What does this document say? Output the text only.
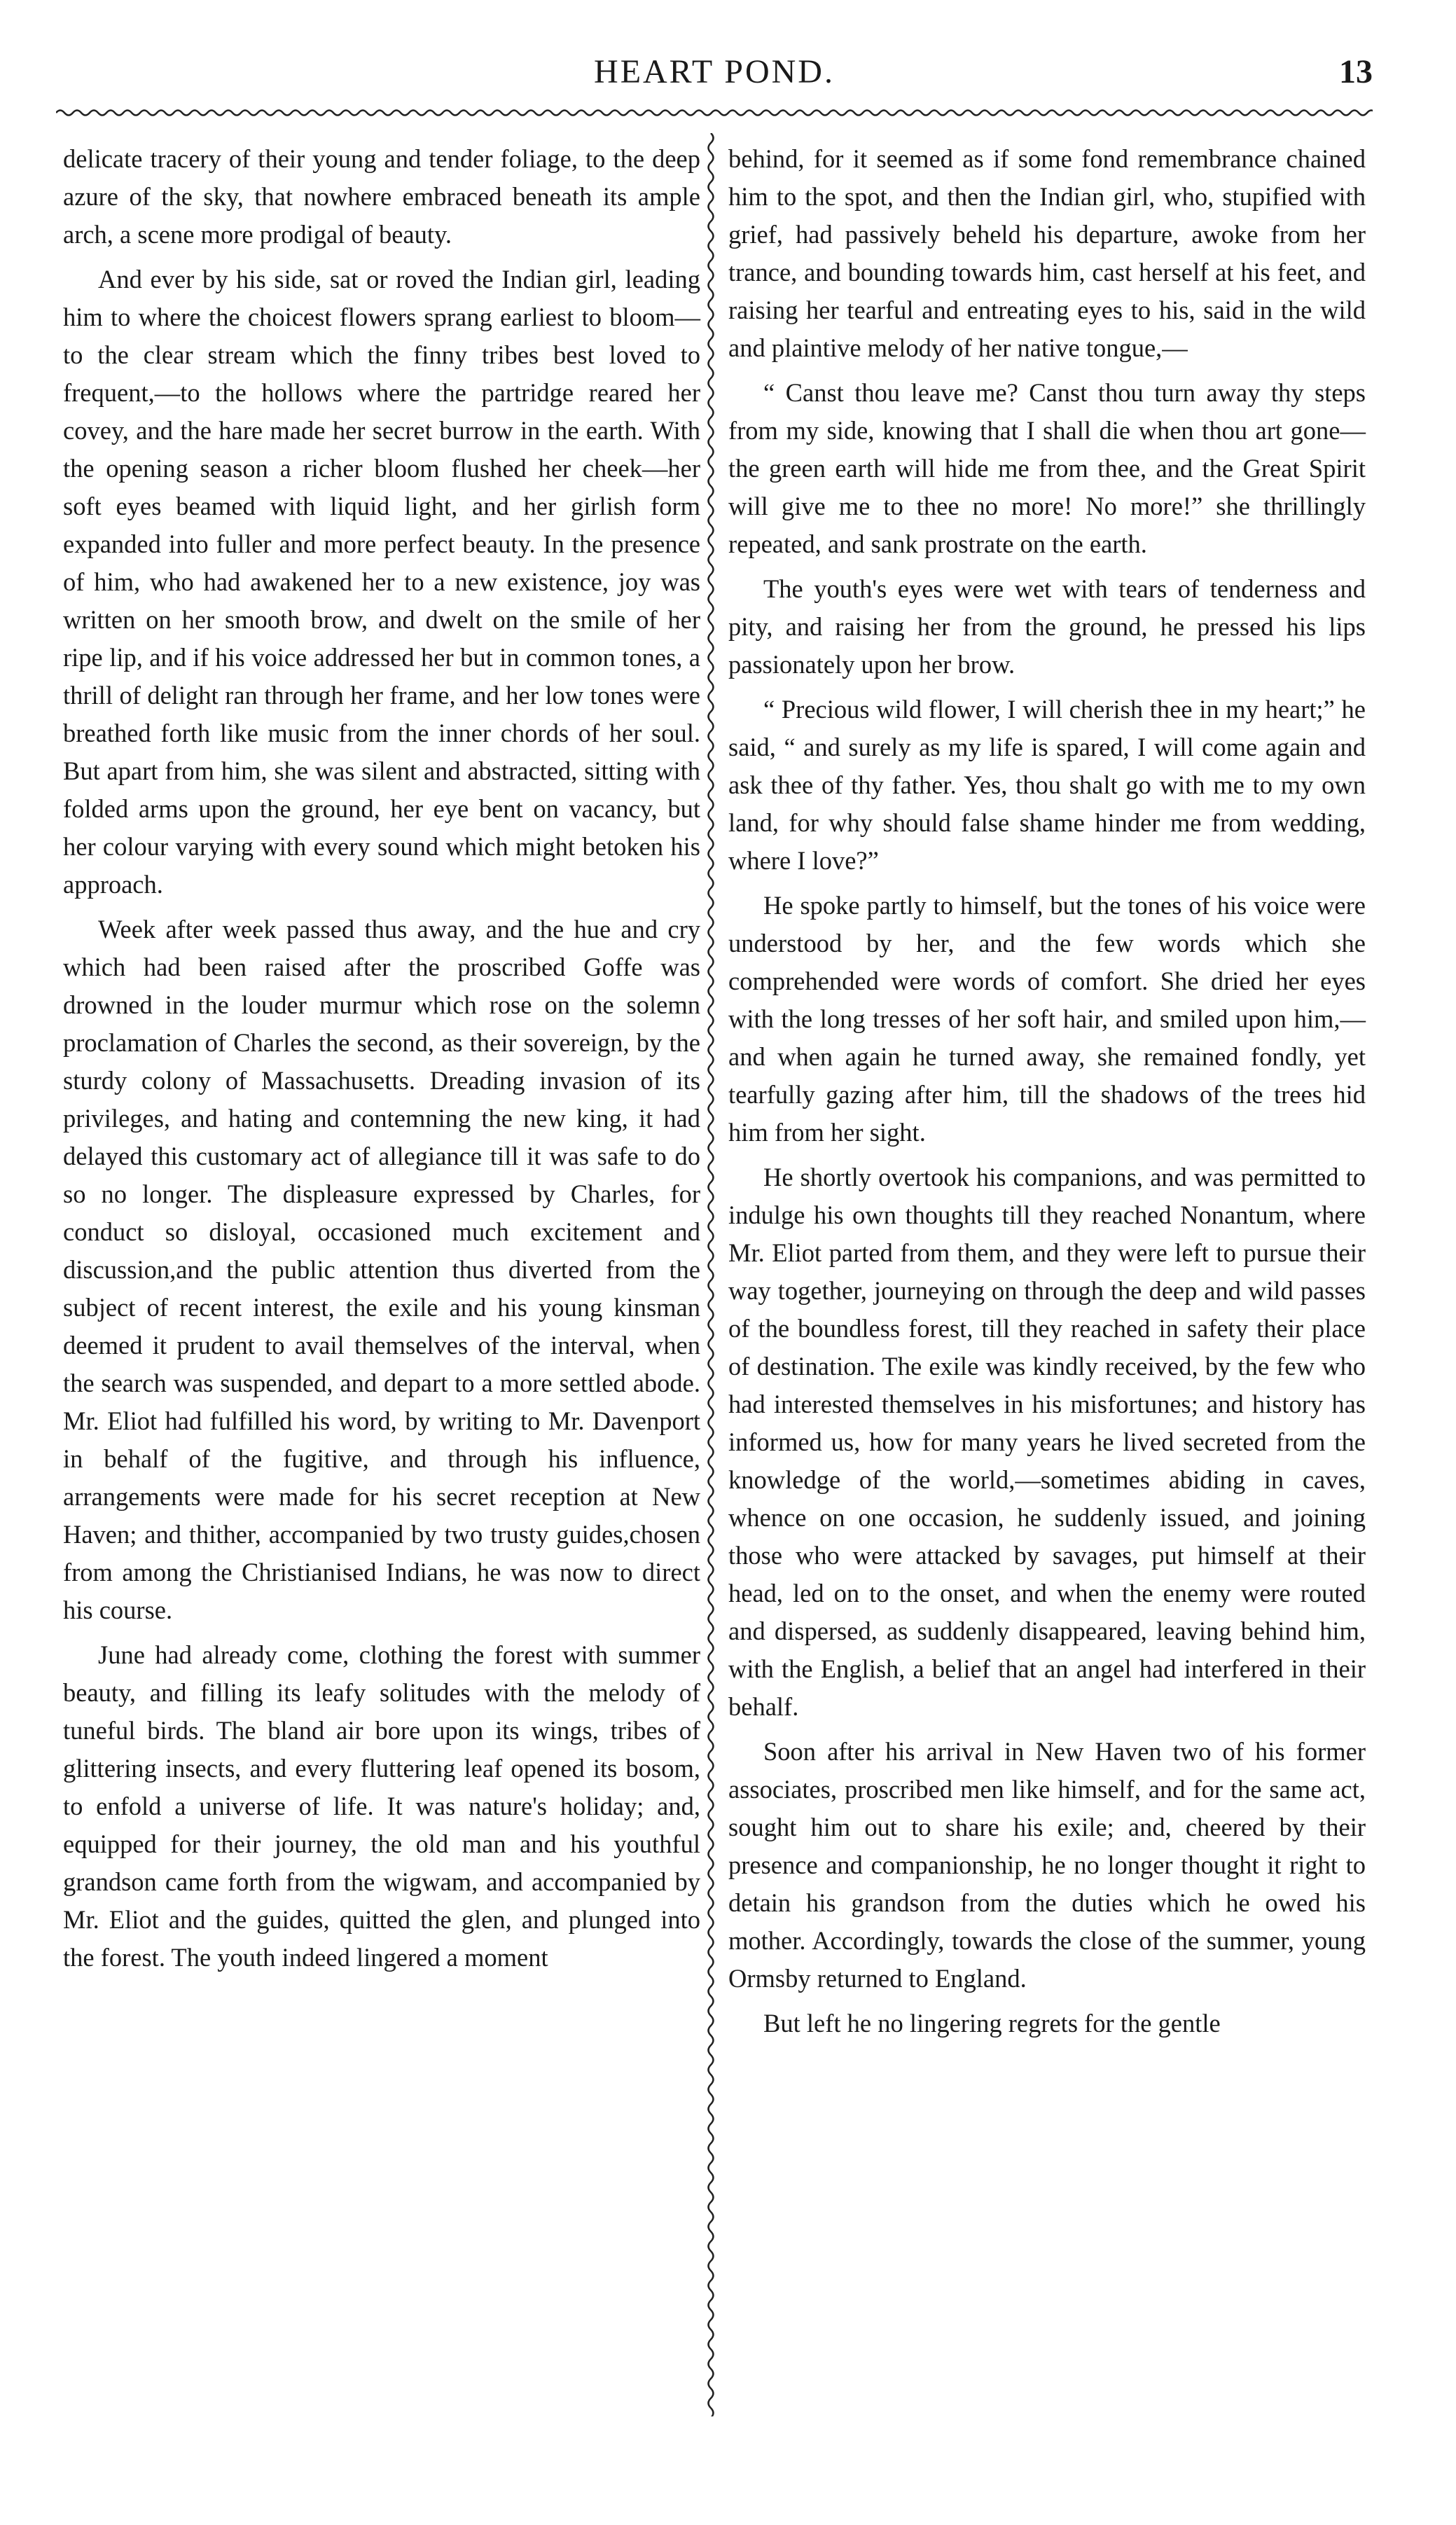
HEART POND.	13

delicate tracery of their young and tender foliage, to the deep azure of the sky, that nowhere embraced beneath its ample arch, a scene more prodigal of beauty.

And ever by his side, sat or roved the Indian girl, leading him to where the choicest flowers sprang earliest to bloom—to the clear stream which the finny tribes best loved to frequent,—to the hollows where the partridge reared her covey, and the hare made her secret burrow in the earth. With the opening season a richer bloom flushed her cheek—her soft eyes beamed with liquid light, and her girlish form expanded into fuller and more perfect beauty. In the presence of him, who had awakened her to a new existence, joy was written on her smooth brow, and dwelt on the smile of her ripe lip, and if his voice addressed her but in common tones, a thrill of delight ran through her frame, and her low tones were breathed forth like music from the inner chords of her soul. But apart from him, she was silent and abstracted, sitting with folded arms upon the ground, her eye bent on vacancy, but her colour varying with every sound which might betoken his approach.

Week after week passed thus away, and the hue and cry which had been raised after the proscribed Goffe was drowned in the louder murmur which rose on the solemn proclamation of Charles the second, as their sovereign, by the sturdy colony of Massachusetts. Dreading invasion of its privileges, and hating and contemning the new king, it had delayed this customary act of allegiance till it was safe to do so no longer. The displeasure expressed by Charles, for conduct so disloyal, occasioned much excitement and discussion,and the public attention thus diverted from the subject of recent interest, the exile and his young kinsman deemed it prudent to avail themselves of the interval, when the search was suspended, and depart to a more settled abode. Mr. Eliot had fulfilled his word, by writing to Mr. Davenport in behalf of the fugitive, and through his influence, arrangements were made for his secret reception at New Haven; and thither, accompanied by two trusty guides,chosen from among the Christianised Indians, he was now to direct his course.

June had already come, clothing the forest with summer beauty, and filling its leafy solitudes with the melody of tuneful birds. The bland air bore upon its wings, tribes of glittering insects, and every fluttering leaf opened its bosom, to enfold a universe of life. It was nature's holiday; and, equipped for their journey, the old man and his youthful grandson came forth from the wigwam, and accompanied by Mr. Eliot and the guides, quitted the glen, and plunged into the forest. The youth indeed lingered a moment

behind, for it seemed as if some fond remembrance chained him to the spot, and then the Indian girl, who, stupified with grief, had passively beheld his departure, awoke from her trance, and bounding towards him, cast herself at his feet, and raising her tearful and entreating eyes to his, said in the wild and plaintive melody of her native tongue,—

“ Canst thou leave me? Canst thou turn away thy steps from my side, knowing that I shall die when thou art gone—the green earth will hide me from thee, and the Great Spirit will give me to thee no more! No more!” she thrillingly repeated, and sank prostrate on the earth.

The youth's eyes were wet with tears of tenderness and pity, and raising her from the ground, he pressed his lips passionately upon her brow.

“ Precious wild flower, I will cherish thee in my heart;” he said, “ and surely as my life is spared, I will come again and ask thee of thy father. Yes, thou shalt go with me to my own land, for why should false shame hinder me from wedding, where I love?”

He spoke partly to himself, but the tones of his voice were understood by her, and the few words which she comprehended were words of comfort. She dried her eyes with the long tresses of her soft hair, and smiled upon him,—and when again he turned away, she remained fondly, yet tearfully gazing after him, till the shadows of the trees hid him from her sight.

He shortly overtook his companions, and was permitted to indulge his own thoughts till they reached Nonantum, where Mr. Eliot parted from them, and they were left to pursue their way together, journeying on through the deep and wild passes of the boundless forest, till they reached in safety their place of destination. The exile was kindly received, by the few who had interested themselves in his misfortunes; and history has informed us, how for many years he lived secreted from the knowledge of the world,—sometimes abiding in caves, whence on one occasion, he suddenly issued, and joining those who were attacked by savages, put himself at their head, led on to the onset, and when the enemy were routed and dispersed, as suddenly disappeared, leaving behind him, with the English, a belief that an angel had interfered in their behalf.

Soon after his arrival in New Haven two of his former associates, proscribed men like himself, and for the same act, sought him out to share his exile; and, cheered by their presence and companionship, he no longer thought it right to detain his grandson from the duties which he owed his mother. Accordingly, towards the close of the summer, young Ormsby returned to England.

But left he no lingering regrets for the gentle
